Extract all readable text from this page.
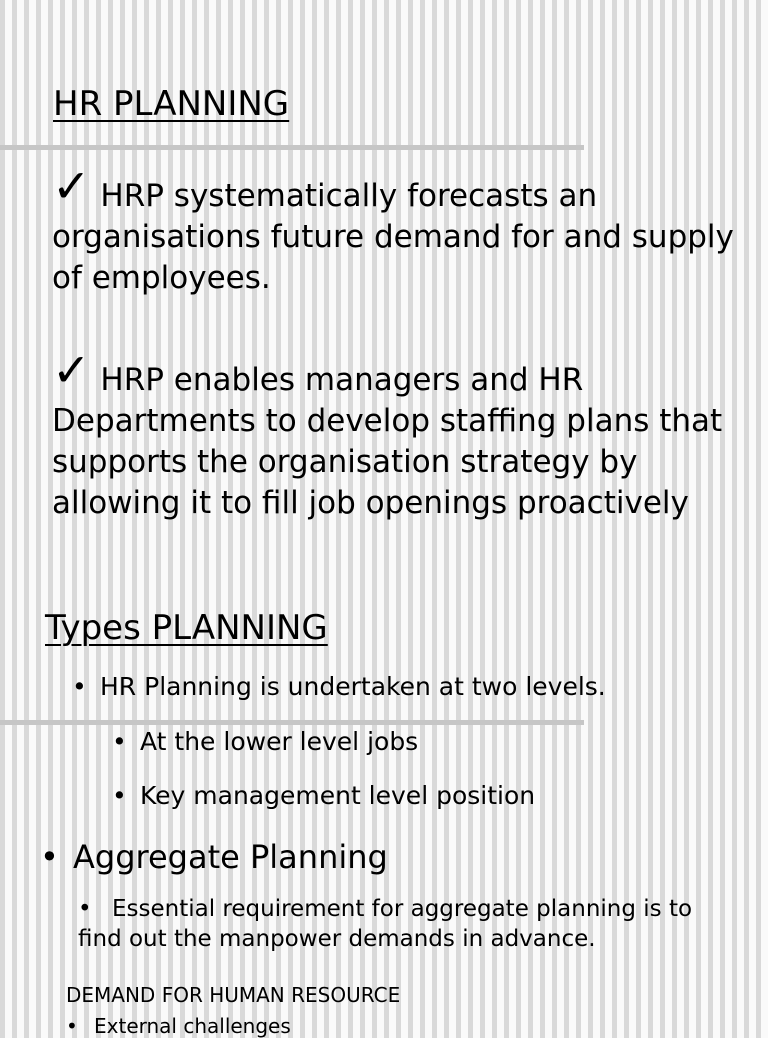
HR PLANNING

✓ HRP systematically forecasts an organisations future demand for and supply of employees.

✓ HRP enables managers and HR Departments to develop staffing plans that supports the organisation strategy by allowing it to fill job openings proactively

Types PLANNING

• HR Planning is undertaken at two levels.

• At the lower level jobs

• Key management level position

• Aggregate Planning

• Essential requirement for aggregate planning is to find out the manpower demands in advance.

DEMAND FOR HUMAN RESOURCE

• External challenges
